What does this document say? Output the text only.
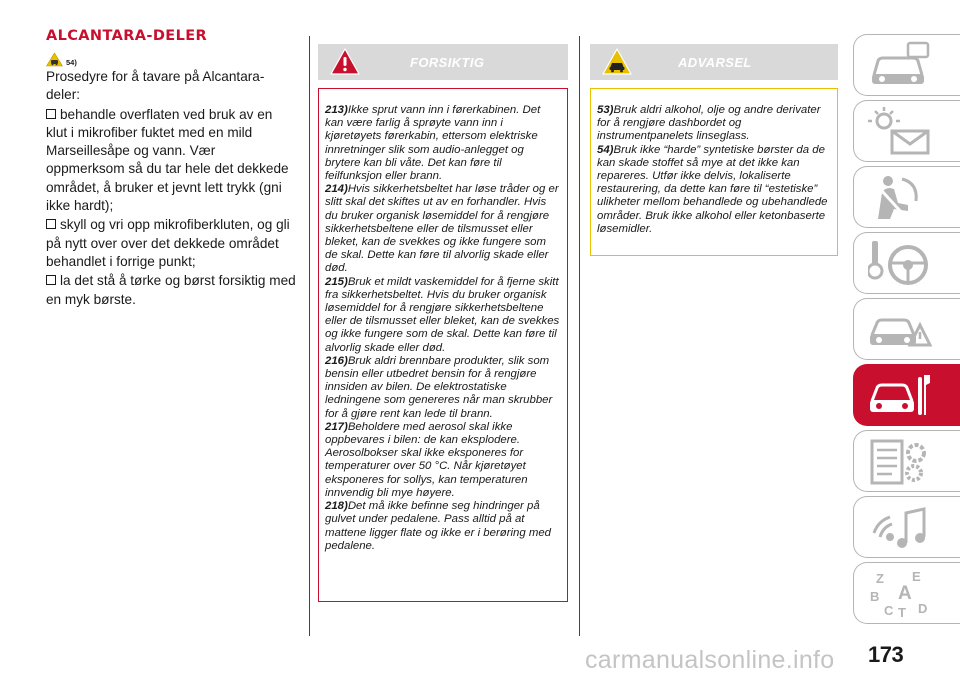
ALCANTARA-DELER
54)
Prosedyre for å tavare på Alcantara-deler:
behandle overflaten ved bruk av en klut i mikrofiber fuktet med en mild Marseillesåpe og vann. Vær oppmerksom så du tar hele det dekkede området, å bruker et jevnt lett trykk (gni ikke hardt);
skyll og vri opp mikrofiberkluten, og gli på nytt over over det dekkede området behandlet i forrige punkt;
la det stå å tørke og børst forsiktig med en myk børste.
FORSIKTIG

213)Ikke sprut vann inn i førerkabinen. Det kan være farlig å sprøyte vann inn i kjøretøyets førerkabin, ettersom elektriske innretninger slik som audio-anlegget og brytere kan bli våte. Det kan føre til feilfunksjon eller brann.

214)Hvis sikkerhetsbeltet har løse tråder og er slitt skal det skiftes ut av en forhandler. Hvis du bruker organisk løsemiddel for å rengjøre sikkerhetsbeltene eller de tilsmusset eller bleket, kan de svekkes og ikke fungere som de skal. Dette kan føre til alvorlig skade eller død.

215)Bruk et mildt vaskemiddel for å fjerne skitt fra sikkerhetsbeltet. Hvis du bruker organisk løsemiddel for å rengjøre sikkerhetsbeltene eller de tilsmusset eller bleket, kan de svekkes og ikke fungere som de skal. Dette kan føre til alvorlig skade eller død.

216)Bruk aldri brennbare produkter, slik som bensin eller utbedret bensin for å rengjøre innsiden av bilen. De elektrostatiske ledningene som genereres når man skrubber for å gjøre rent kan lede til brann.

217)Beholdere med aerosol skal ikke oppbevares i bilen: de kan eksplodere. Aerosolbokser skal ikke eksponeres for temperaturer over 50 °C. Når kjøretøyet eksponeres for sollys, kan temperaturen innvendig bli mye høyere.

218)Det må ikke befinne seg hindringer på gulvet under pedalene. Pass alltid på at mattene ligger flate og ikke er i berøring med pedalene.

ADVARSEL

53)Bruk aldri alkohol, olje og andre derivater for å rengjøre dashbordet og instrumentpanelets linseglass.

54)Bruk ikke “harde” syntetiske børster da de kan skade stoffet så mye at det ikke kan repareres. Utfør ikke delvis, lokaliserte restaurering, da dette kan føre til “estetiske” ulikheter mellom behandlede og ubehandlede områder. Bruk ikke alkohol eller ketonbaserte løsemidler.

Z E
A
B
C T D
173
carmanualsonline.info
